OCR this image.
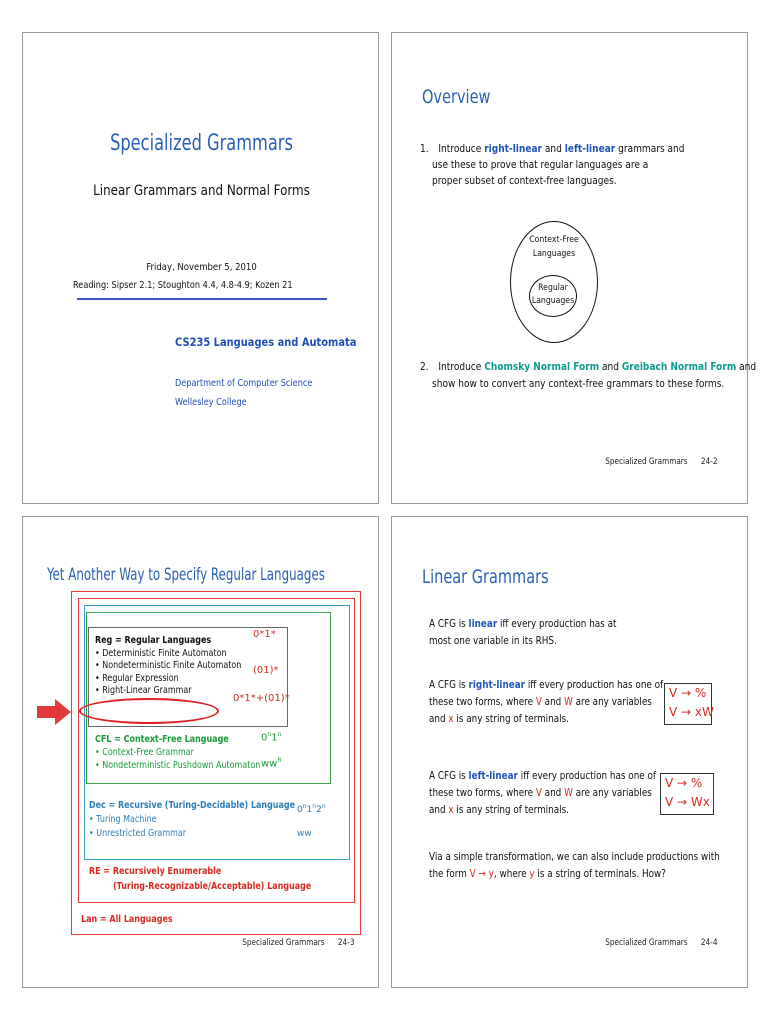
Specialized Grammars
Linear Grammars and Normal Forms
Friday, November 5, 2010
Reading: Sipser 2.1; Stoughton 4.4, 4.8-4.9; Kozen 21
CS235 Languages and Automata
Department of Computer Science
Wellesley College
Overview
1. Introduce right-linear and left-linear grammars and
use these to prove that regular languages are a
proper subset of context-free languages.
Context-Free
Languages
Regular
Languages
2. Introduce Chomsky Normal Form and Greibach Normal Form and
show how to convert any context-free grammars to these forms.
Specialized Grammars 24-2
Yet Another Way to Specify Regular Languages
Reg = Regular Languages
• Deterministic Finite Automaton
• Nondeterministic Finite Automaton
• Regular Expression
• Right-Linear Grammar
0*1*
(01)*
0*1*+(01)*
CFL = Context-Free Language
• Context-Free Grammar
• Nondeterministic Pushdown Automaton
0$^n$1$^n$
$ww^R$
Dec = Recursive (Turing-Decidable) Language
• Turing Machine
• Unrestricted Grammar
0$^n$1$^n$2$^n$
ww
RE = Recursively Enumerable
(Turing-Recognizable/Acceptable) Language
Lan = All Languages
Specialized Grammars 24-3
Linear Grammars
A CFG is linear iff every production has at
most one variable in its RHS.
A CFG is right-linear iff every production has one of
these two forms, where V and W are any variables
and x is any string of terminals.
V → %
V → xW
A CFG is left-linear iff every production has one of
these two forms, where V and W are any variables
and x is any string of terminals.
V → %
V → Wx
Via a simple transformation, we can also include productions with
the form V → y, where y is a string of terminals. How?
Specialized Grammars 24-4
